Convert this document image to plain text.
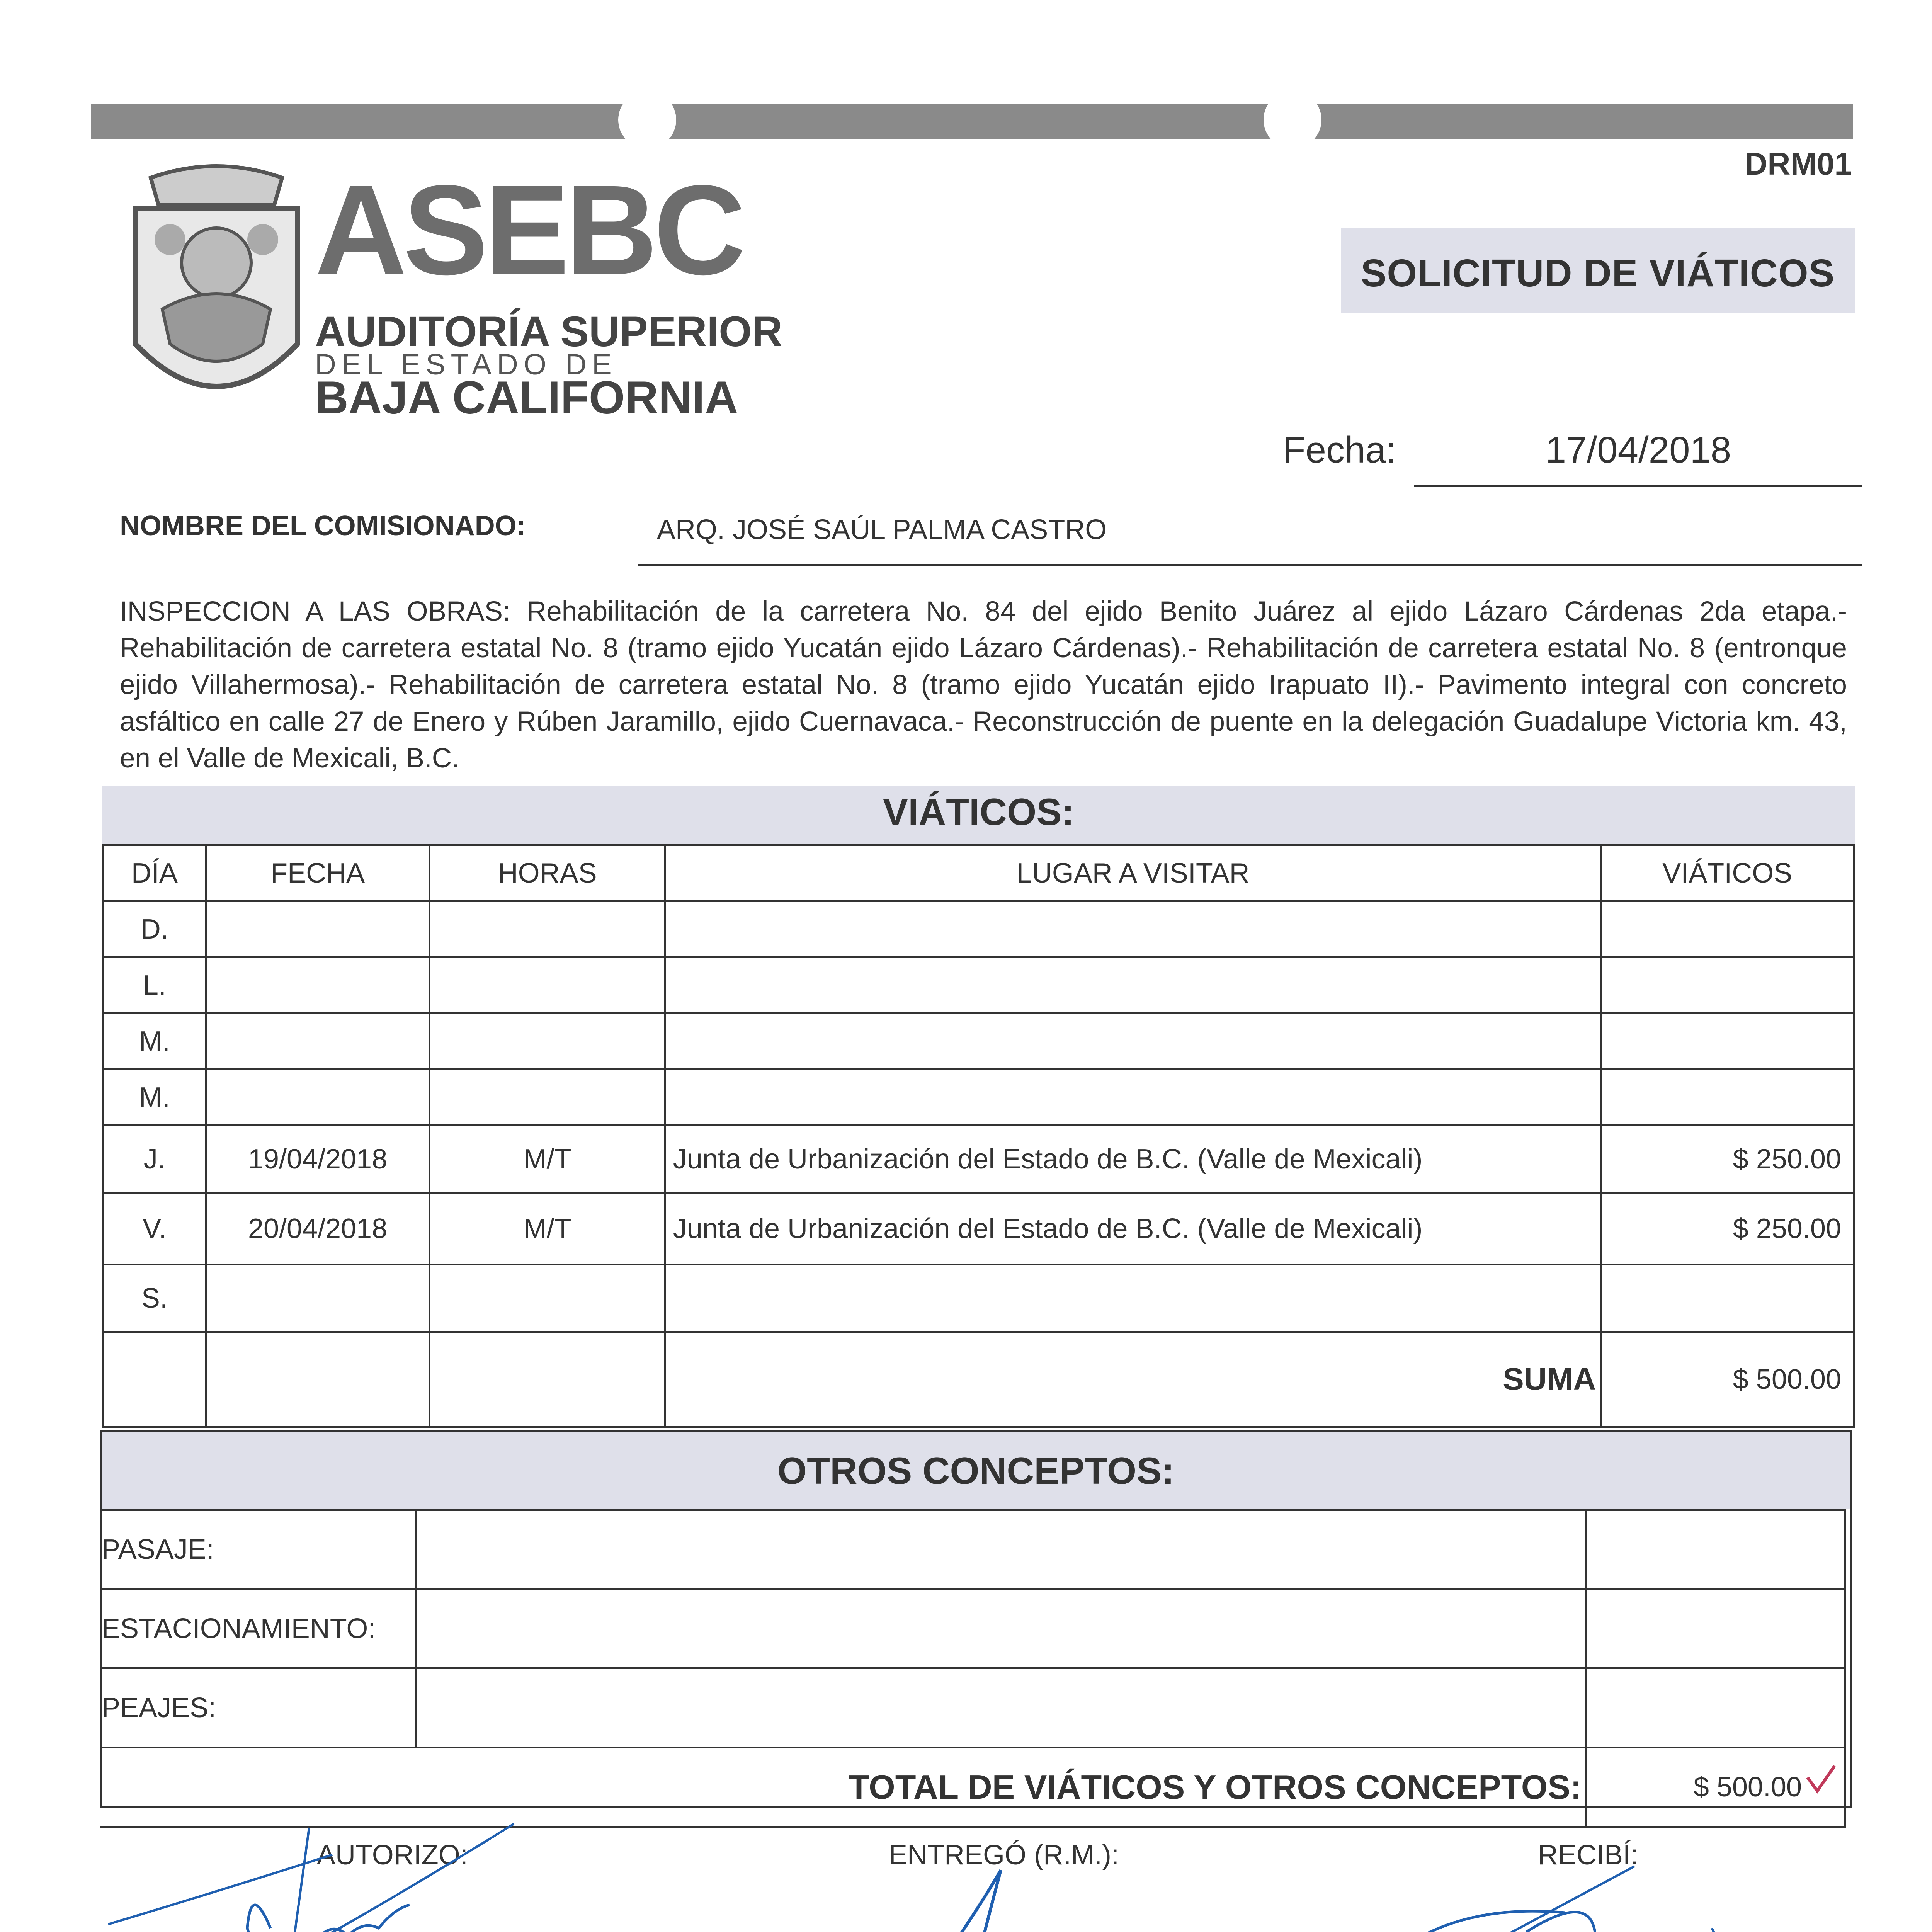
DRM01
SOLICITUD DE VIÁTICOS
ASEBC
AUDITORÍA SUPERIOR
DEL ESTADO DE
BAJA CALIFORNIA
Fecha:	17/04/2018
NOMBRE DEL COMISIONADO:	ARQ. JOSÉ SAÚL PALMA CASTRO
INSPECCION A LAS OBRAS: Rehabilitación de la carretera No. 84 del ejido Benito Juárez al ejido Lázaro Cárdenas 2da etapa.- Rehabilitación de carretera estatal No. 8 (tramo ejido Yucatán ejido Lázaro Cárdenas).- Rehabilitación de carretera estatal No. 8 (entronque ejido Villahermosa).- Rehabilitación de carretera estatal No. 8 (tramo ejido Yucatán ejido Irapuato II).- Pavimento integral con concreto asfáltico en calle 27 de Enero y Rúben Jaramillo, ejido Cuernavaca.- Reconstrucción de puente en la delegación Guadalupe Victoria km. 43, en el Valle de Mexicali, B.C.
VIÁTICOS:
DÍA	FECHA	HORAS	LUGAR A VISITAR	VIÁTICOS
D.				
L.				
M.				
M.				
J.	19/04/2018	M/T	Junta de Urbanización del Estado de B.C. (Valle de Mexicali)	$ 250.00
V.	20/04/2018	M/T	Junta de Urbanización del Estado de B.C. (Valle de Mexicali)	$ 250.00
S.				
			SUMA	$ 500.00
OTROS CONCEPTOS:
PASAJE:		
ESTACIONAMIENTO:		
PEAJES:		
TOTAL DE VIÁTICOS Y OTROS CONCEPTOS:		$ 500.00
AUTORIZO:	ENTREGÓ (R.M.):	RECIBÍ:
